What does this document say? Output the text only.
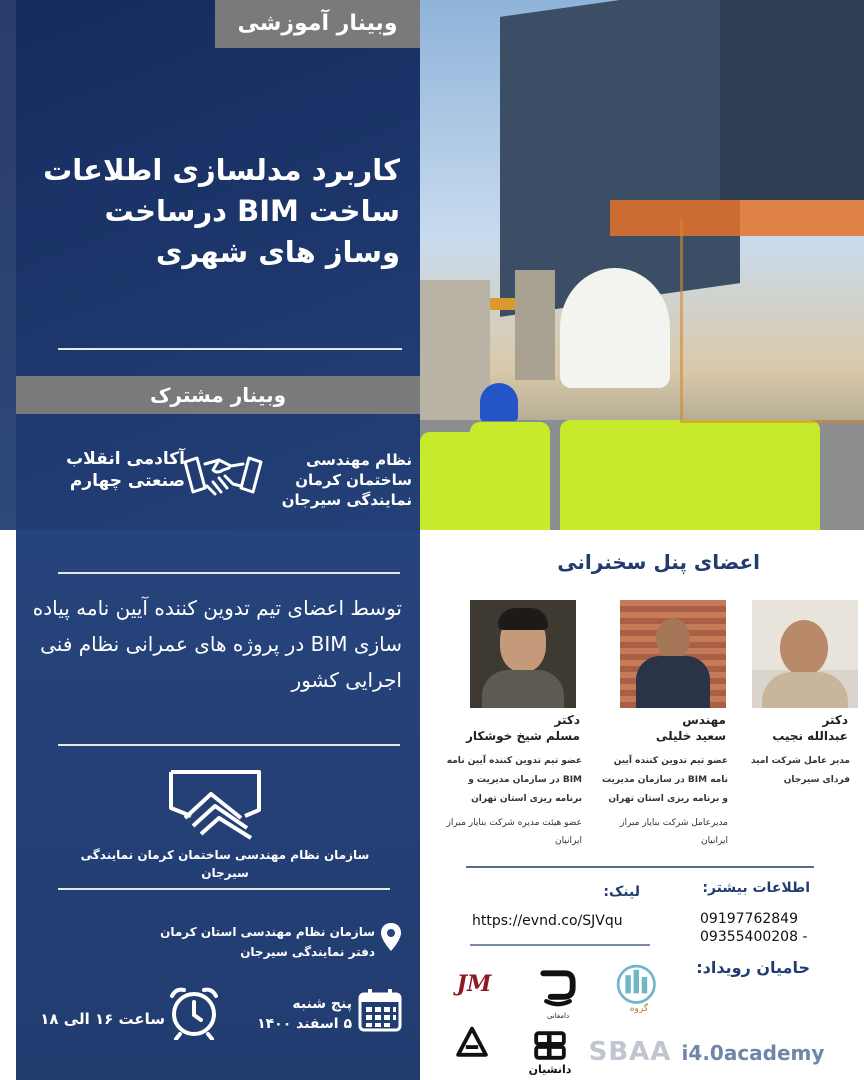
وبینار آموزشی
کاربرد مدلسازی اطلاعات ساخت BIM درساخت وساز های شهری
وبینار مشترک
نظام مهندسی ساختمان کرمان نمایندگی سیرجان
آکادمی انقلاب صنعتی چهارم
توسط اعضای تیم تدوین کننده آیین نامه پیاده سازی BIM در پروژه های عمرانی نظام فنی اجرایی کشور
سازمان نظام مهندسی ساختمان کرمان نمایندگی سیرجان
سازمان نظام مهندسی استان کرمان دفتر نمایندگی سیرجان
پنج شنبه
۵ اسفند ۱۴۰۰
ساعت ۱۶ الی ۱۸
اعضای پنل سخنرانی
دکتر
عبدالله نجیب
مدیر عامل شرکت امید فردای سیرجان
مهندس
سعید خلیلی
عضو تیم تدوین کننده آیین نامه BIM در سازمان مدیریت و برنامه ریزی استان تهران
مدیرعامل شرکت بنایار مبراز ایرانیان
دکتر
مسلم شیخ خوشکار
عضو تیم تدوین کننده آیین نامه BIM در سازمان مدیریت و برنامه ریزی استان تهران
عضو هیئت مدیره شرکت بنایار مبراز ایرانیان
اطلاعات بیشتر:
09197762849
09355400208 -
لینک:
https://evnd.co/SJVqu
حامیان رویداد:
JM
دامغانی
گروه
A	دانشیان
SBAA i4.0academy
